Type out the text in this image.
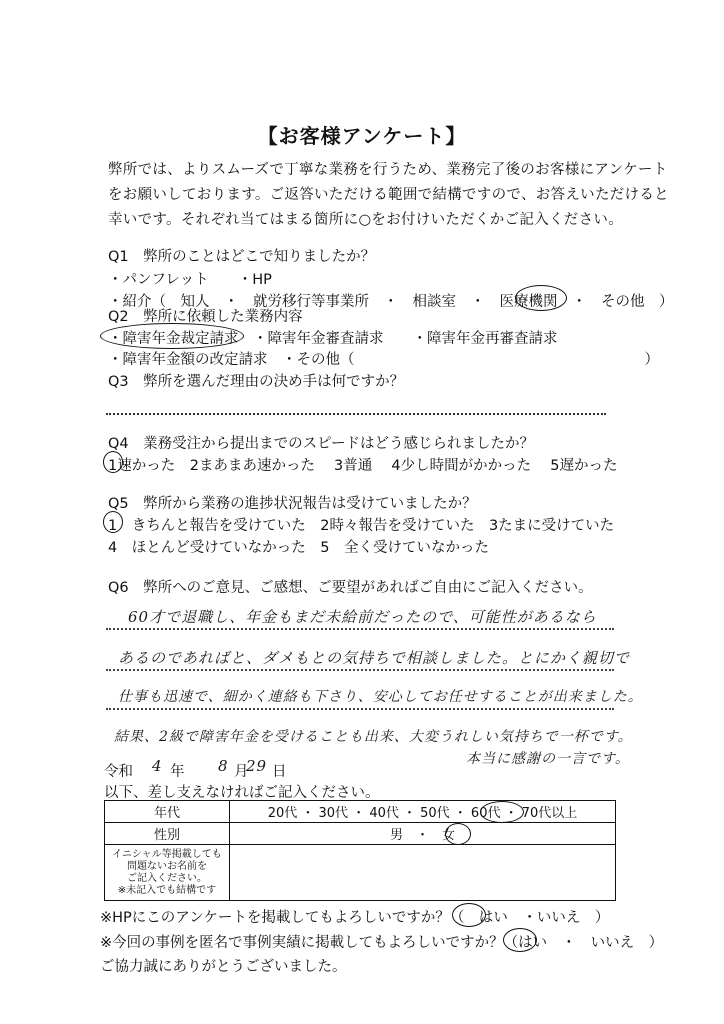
【お客様アンケート】
弊所では、よりスムーズで丁寧な業務を行うため、業務完了後のお客様にアンケート
をお願いしております。ご返答いただける範囲で結構ですので、お答えいただけると
幸いです。それぞれ当てはまる箇所に○をお付けいただくかご記入ください。
Q1　弊所のことはどこで知りましたか？
・パンフレット　　・HP
・紹介（　知人　・　就労移行等事業所　・　相談室　・　医療機関　・　その他　）
Q2　弊所に依頼した業務内容
・障害年金裁定請求　・障害年金審査請求　　・障害年金再審査請求
・障害年金額の改定請求　・その他（　　　　　　　　　　　　　　　　　　　　）
Q3　弊所を選んだ理由の決め手は何ですか？
Q4　業務受注から提出までのスピードはどう感じられましたか？
1速かった　2まあまあ速かった　 3普通　 4少し時間がかかった　 5遅かった
Q5　弊所から業務の進捗状況報告は受けていましたか？
1　きちんと報告を受けていた　2時々報告を受けていた　3たまに受けていた
4　ほとんど受けていなかった　5　全く受けていなかった
Q6　弊所へのご意見、ご感想、ご要望があればご自由にご記入ください。
60才で退職し、年金もまだ未給前だったので、可能性があるなら
あるのであればと、ダメもとの気持ちで相談しました。とにかく親切で
仕事も迅速で、細かく連絡も下さり、安心してお任せすることが出来ました。
結果、2級で障害年金を受けることも出来、大変うれしい気持ちで一杯です。
本当に感謝の一言です。
令和 4 年 8 月
29 日
以下、差し支えなければご記入ください。
年代	20代 ・ 30代 ・ 40代 ・ 50代 ・ 60代 ・ 70代以上
性別	男　・　女

イニシャル等掲載しても
問題ないお名前を
ご記入ください。
※未記入でも結構です	

※HPにこのアンケートを掲載してもよろしいですか？（　はい　・いいえ　）
※今回の事例を匿名で事例実績に掲載してもよろしいですか？（はい　・　いいえ　）
ご協力誠にありがとうございました。
